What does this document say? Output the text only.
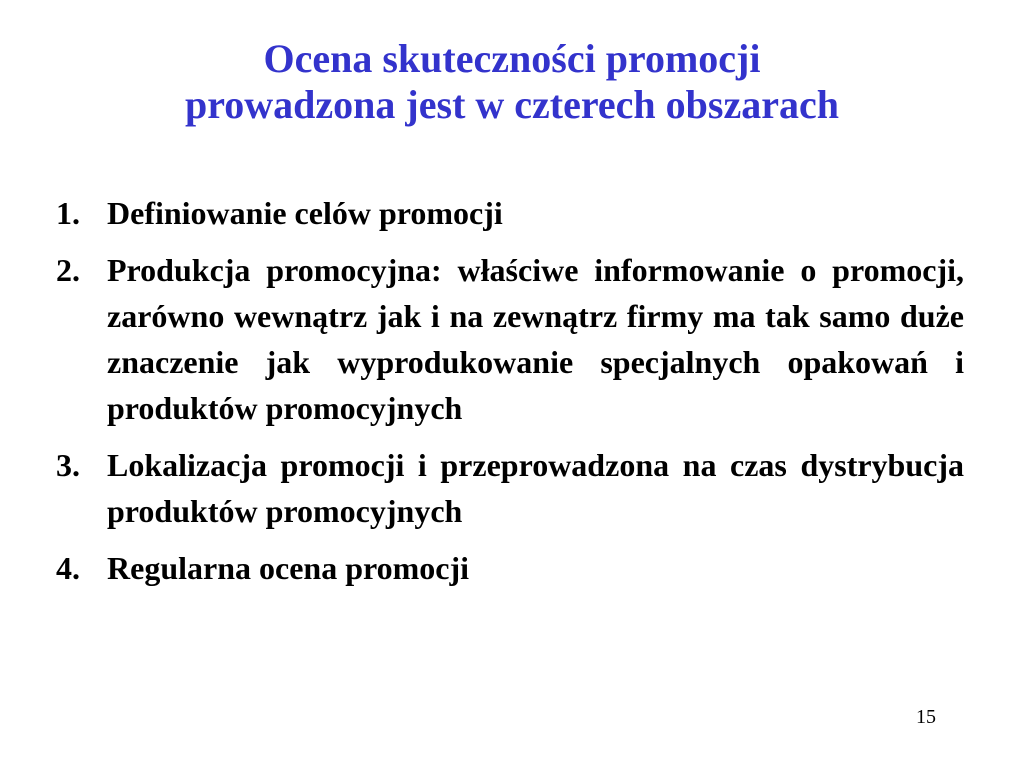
Ocena skuteczności promocji
prowadzona jest w czterech obszarach
1. Definiowanie celów promocji
2. Produkcja promocyjna: właściwe informowanie o promocji, zarówno wewnątrz jak i na zewnątrz firmy ma tak samo duże znaczenie jak wyprodukowanie specjalnych opakowań i produktów promocyjnych
3. Lokalizacja promocji i przeprowadzona na czas dystrybucja produktów promocyjnych
4. Regularna ocena promocji
15
